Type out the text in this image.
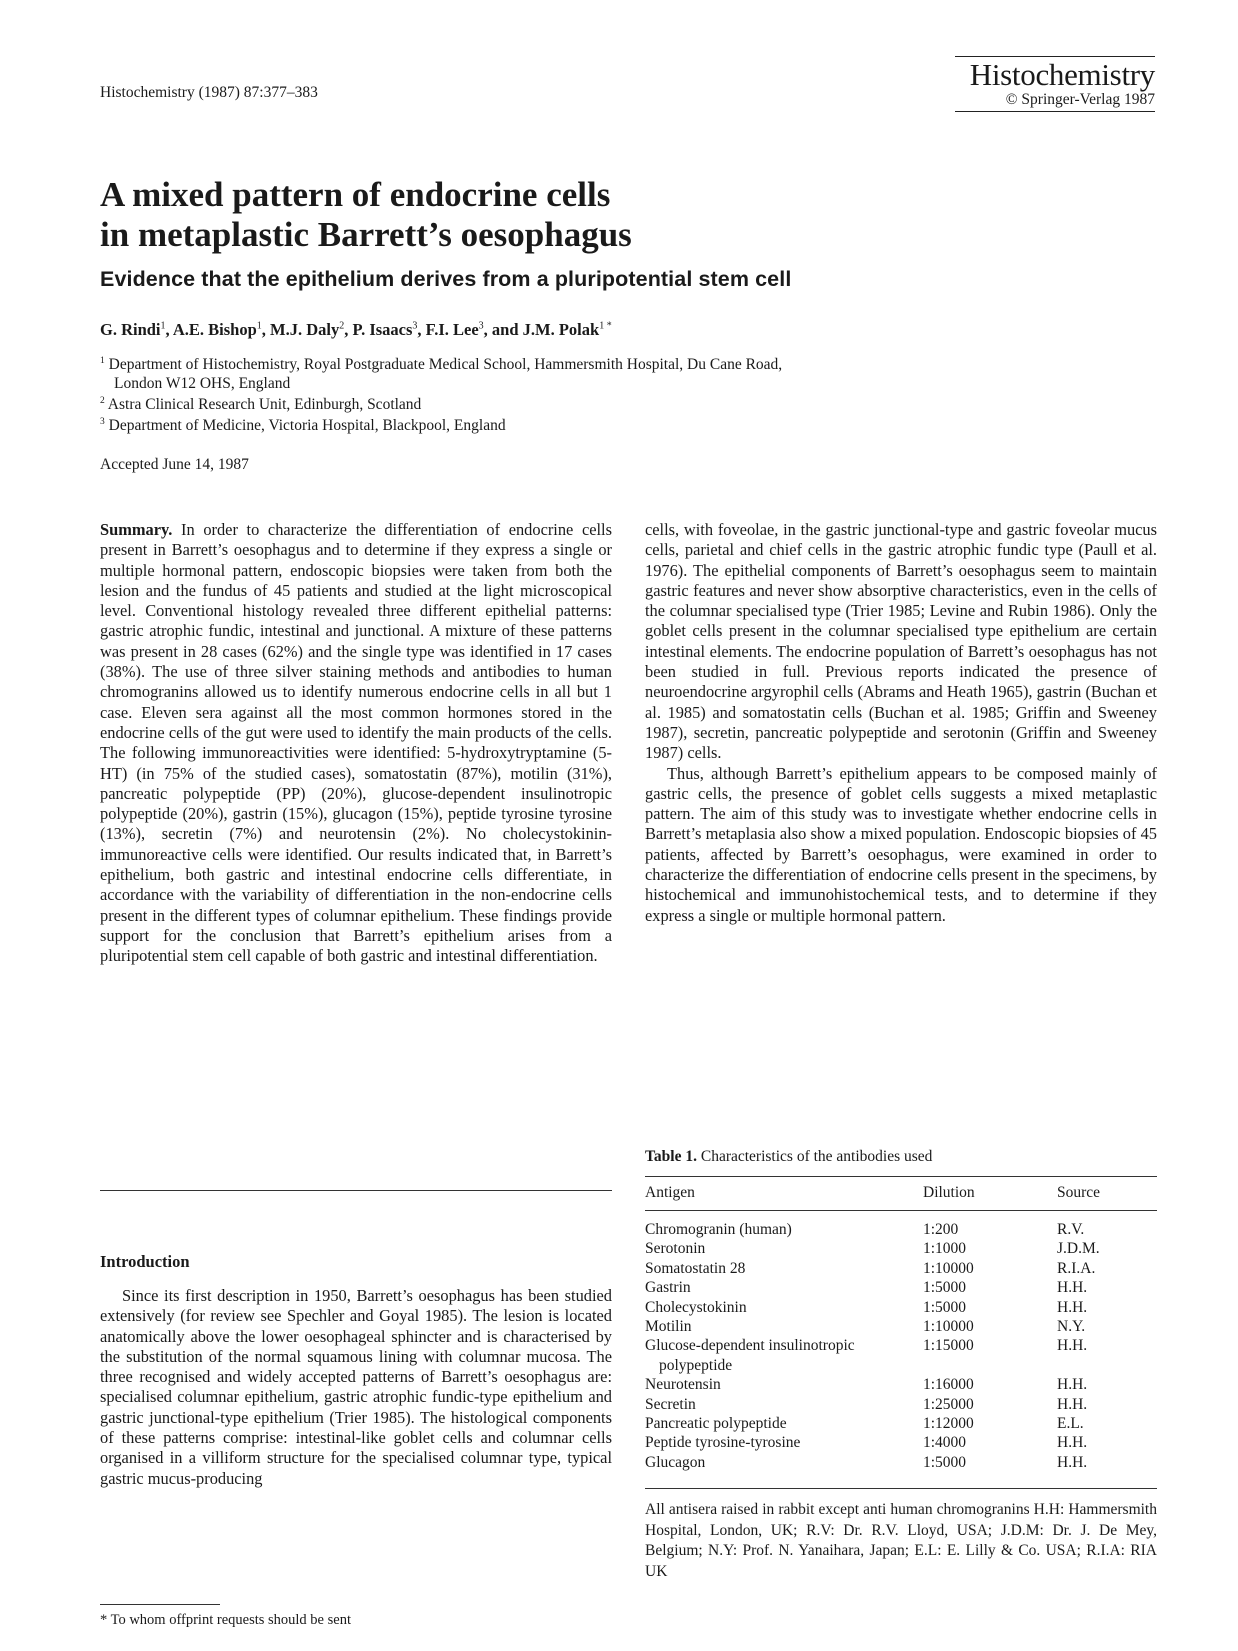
Histochemistry (1987) 87:377–383
Histochemistry
© Springer-Verlag 1987
A mixed pattern of endocrine cells
in metaplastic Barrett’s oesophagus
Evidence that the epithelium derives from a pluripotential stem cell
G. Rindi$^1$, A.E. Bishop$^1$, M.J. Daly$^2$, P. Isaacs$^3$, F.I. Lee$^3$, and J.M. Polak$^{1 *}$
$^1$ Department of Histochemistry, Royal Postgraduate Medical School, Hammersmith Hospital, Du Cane Road,
London W12 OHS, England
$^2$ Astra Clinical Research Unit, Edinburgh, Scotland
$^3$ Department of Medicine, Victoria Hospital, Blackpool, England
Accepted June 14, 1987

Summary. In order to characterize the differentiation of endocrine cells present in Barrett’s oesophagus and to determine if they express a single or multiple hormonal pattern, endoscopic biopsies were taken from both the lesion and the fundus of 45 patients and studied at the light microscopical level. Conventional histology revealed three different epithelial patterns: gastric atrophic fundic, intestinal and junctional. A mixture of these patterns was present in 28 cases (62%) and the single type was identified in 17 cases (38%). The use of three silver staining methods and antibodies to human chromogranins allowed us to identify numerous endocrine cells in all but 1 case. Eleven sera against all the most common hormones stored in the endocrine cells of the gut were used to identify the main products of the cells. The following immunoreactivities were identified: 5-hydroxytryptamine (5-HT) (in 75% of the studied cases), somatostatin (87%), motilin (31%), pancreatic polypeptide (PP) (20%), glucose-dependent insulinotropic polypeptide (20%), gastrin (15%), glucagon (15%), peptide tyrosine tyrosine (13%), secretin (7%) and neurotensin (2%). No cholecystokinin-immunoreactive cells were identified. Our results indicated that, in Barrett’s epithelium, both gastric and intestinal endocrine cells differentiate, in accordance with the variability of differentiation in the non-endocrine cells present in the different types of columnar epithelium. These findings provide support for the conclusion that Barrett’s epithelium arises from a pluripotential stem cell capable of both gastric and intestinal differentiation.

Introduction

Since its first description in 1950, Barrett’s oesophagus has been studied extensively (for review see Spechler and Goyal 1985). The lesion is located anatomically above the lower oesophageal sphincter and is characterised by the substitution of the normal squamous lining with columnar mucosa. The three recognised and widely accepted patterns of Barrett’s oesophagus are: specialised columnar epithelium, gastric atrophic fundic-type epithelium and gastric junctional-type epithelium (Trier 1985). The histological components of these patterns comprise: intestinal-like goblet cells and columnar cells organised in a villiform structure for the specialised columnar type, typical gastric mucus-producing

* To whom offprint requests should be sent

cells, with foveolae, in the gastric junctional-type and gastric foveolar mucus cells, parietal and chief cells in the gastric atrophic fundic type (Paull et al. 1976). The epithelial components of Barrett’s oesophagus seem to maintain gastric features and never show absorptive characteristics, even in the cells of the columnar specialised type (Trier 1985; Levine and Rubin 1986). Only the goblet cells present in the columnar specialised type epithelium are certain intestinal elements. The endocrine population of Barrett’s oesophagus has not been studied in full. Previous reports indicated the presence of neuroendocrine argyrophil cells (Abrams and Heath 1965), gastrin (Buchan et al. 1985) and somatostatin cells (Buchan et al. 1985; Griffin and Sweeney 1987), secretin, pancreatic polypeptide and serotonin (Griffin and Sweeney 1987) cells.

Thus, although Barrett’s epithelium appears to be composed mainly of gastric cells, the presence of goblet cells suggests a mixed metaplastic pattern. The aim of this study was to investigate whether endocrine cells in Barrett’s metaplasia also show a mixed population. Endoscopic biopsies of 45 patients, affected by Barrett’s oesophagus, were examined in order to characterize the differentiation of endocrine cells present in the specimens, by histochemical and immunohistochemical tests, and to determine if they express a single or multiple hormonal pattern.

Table 1. Characteristics of the antibodies used
Antigen	Dilution	Source
Chromogranin (human)	1:200	R.V.
Serotonin	1:1000	J.D.M.
Somatostatin 28	1:10000	R.I.A.
Gastrin	1:5000	H.H.
Cholecystokinin	1:5000	H.H.
Motilin	1:10000	N.Y.

Glucose-dependent insulinotropic
polypeptide	1:15000	H.H.
Neurotensin	1:16000	H.H.
Secretin	1:25000	H.H.
Pancreatic polypeptide	1:12000	E.L.
Peptide tyrosine-tyrosine	1:4000	H.H.
Glucagon	1:5000	H.H.
All antisera raised in rabbit except anti human chromogranins H.H: Hammersmith Hospital, London, UK; R.V: Dr. R.V. Lloyd, USA; J.D.M: Dr. J. De Mey, Belgium; N.Y: Prof. N. Yanaihara, Japan; E.L: E. Lilly & Co. USA; R.I.A: RIA UK
